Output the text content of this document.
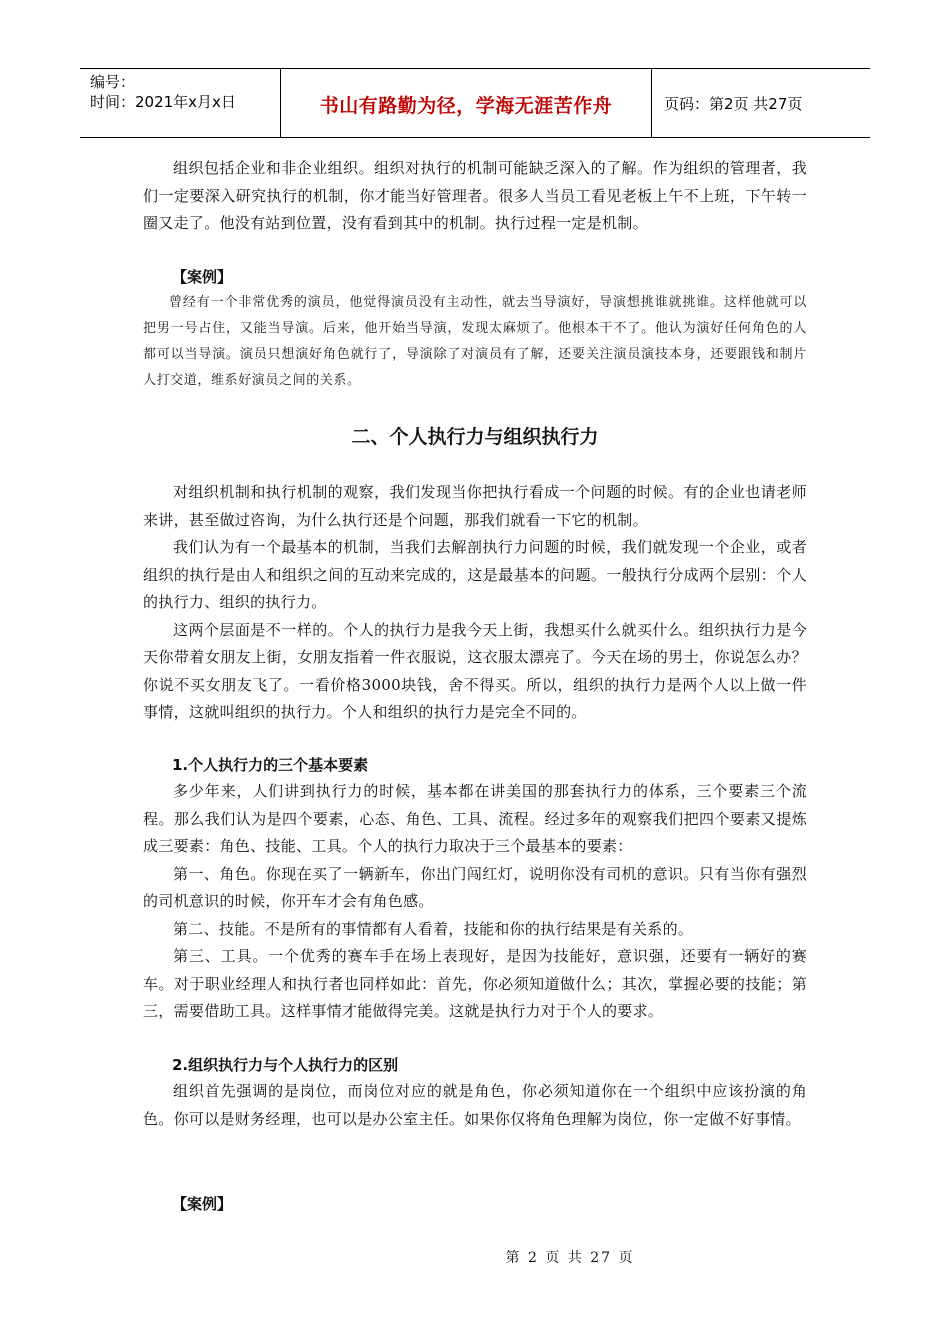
编号：
时间：2021年x月x日	书山有路勤为径，学海无涯苦作舟	页码：第2页 共27页

组织包括企业和非企业组织。组织对执行的机制可能缺乏深入的了解。作为组织的管理者，我们一定要深入研究执行的机制，你才能当好管理者。很多人当员工看见老板上午不上班，下午转一圈又走了。他没有站到位置，没有看到其中的机制。执行过程一定是机制。

【案例】

曾经有一个非常优秀的演员，他觉得演员没有主动性，就去当导演好，导演想挑谁就挑谁。这样他就可以把男一号占住，又能当导演。后来，他开始当导演，发现太麻烦了。他根本干不了。他认为演好任何角色的人都可以当导演。演员只想演好角色就行了，导演除了对演员有了解，还要关注演员演技本身，还要跟钱和制片人打交道，维系好演员之间的关系。

二、个人执行力与组织执行力

对组织机制和执行机制的观察，我们发现当你把执行看成一个问题的时候。有的企业也请老师来讲，甚至做过咨询，为什么执行还是个问题，那我们就看一下它的机制。

我们认为有一个最基本的机制，当我们去解剖执行力问题的时候，我们就发现一个企业，或者组织的执行是由人和组织之间的互动来完成的，这是最基本的问题。一般执行分成两个层别：个人的执行力、组织的执行力。

这两个层面是不一样的。个人的执行力是我今天上街，我想买什么就买什么。组织执行力是今天你带着女朋友上街，女朋友指着一件衣服说，这衣服太漂亮了。今天在场的男士，你说怎么办？你说不买女朋友飞了。一看价格3000块钱，舍不得买。所以，组织的执行力是两个人以上做一件事情，这就叫组织的执行力。个人和组织的执行力是完全不同的。

1.个人执行力的三个基本要素

多少年来，人们讲到执行力的时候，基本都在讲美国的那套执行力的体系，三个要素三个流程。那么我们认为是四个要素，心态、角色、工具、流程。经过多年的观察我们把四个要素又提炼成三要素：角色、技能、工具。个人的执行力取决于三个最基本的要素：

第一、角色。你现在买了一辆新车，你出门闯红灯，说明你没有司机的意识。只有当你有强烈的司机意识的时候，你开车才会有角色感。

第二、技能。不是所有的事情都有人看着，技能和你的执行结果是有关系的。

第三、工具。一个优秀的赛车手在场上表现好，是因为技能好，意识强，还要有一辆好的赛车。对于职业经理人和执行者也同样如此：首先，你必须知道做什么；其次，掌握必要的技能；第三，需要借助工具。这样事情才能做得完美。这就是执行力对于个人的要求。

2.组织执行力与个人执行力的区别

组织首先强调的是岗位，而岗位对应的就是角色，你必须知道你在一个组织中应该扮演的角色。你可以是财务经理，也可以是办公室主任。如果你仅将角色理解为岗位，你一定做不好事情。

【案例】
第 2 页 共 27 页
